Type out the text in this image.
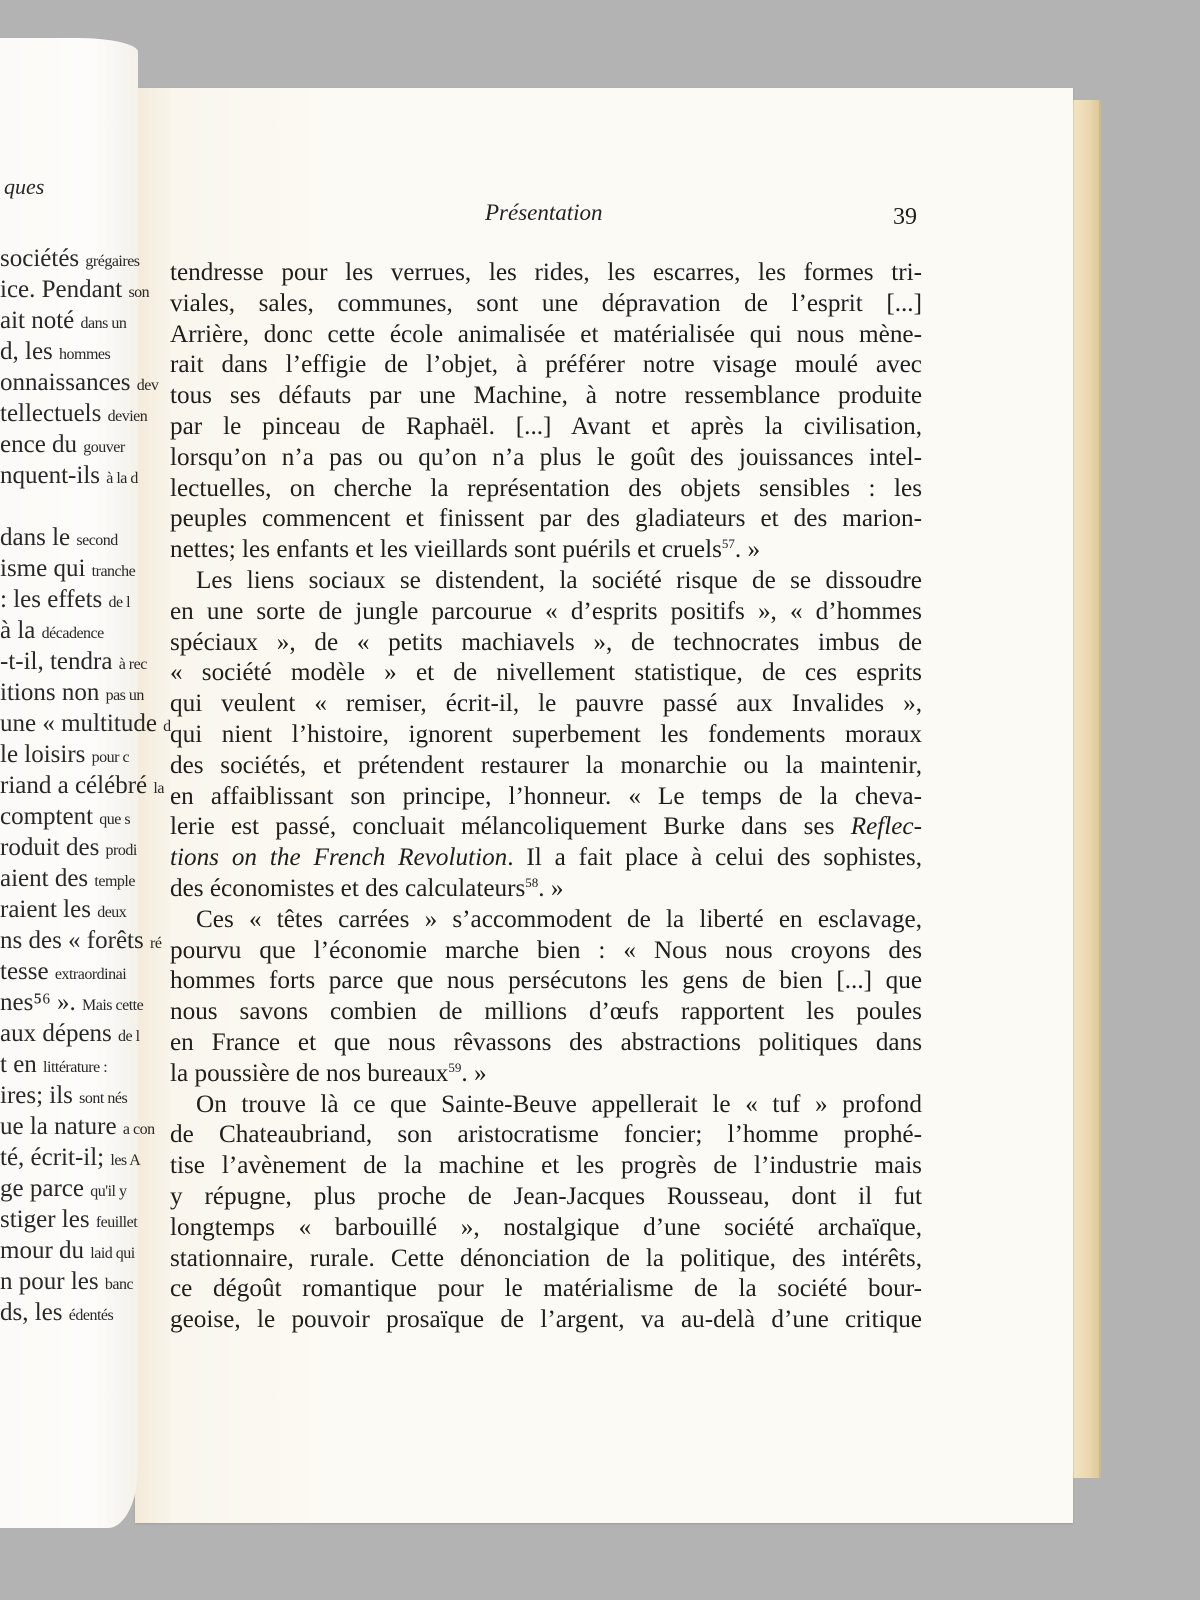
ques
sociétés grégaires
ice. Pendant son
ait noté dans un
d, les hommes
onnaissances dev
tellectuels devien
ence du gouver
nquent-ils à la d
dans le second
isme qui tranche
: les effets de l
à la décadence
-t-il, tendra à rec
itions non pas un
une « multitude d
le loisirs pour c
riand a célébré la
comptent que s
roduit des prodi
aient des temple
raient les deux
ns des « forêts ré
tesse extraordinai
nes⁵⁶ ». Mais cette
aux dépens de l
t en littérature :
ires; ils sont nés
ue la nature a con
té, écrit-il; les A
ge parce qu'il y
stiger les feuillet
mour du laid qui
n pour les banc
ds, les édentés
Présentation	39
tendresse pour les verrues, les rides, les escarres, les formes tri-
viales, sales, communes, sont une dépravation de l’esprit [...]
Arrière, donc cette école animalisée et matérialisée qui nous mène-
rait dans l’effigie de l’objet, à préférer notre visage moulé avec
tous ses défauts par une Machine, à notre ressemblance produite
par le pinceau de Raphaël. [...] Avant et après la civilisation,
lorsqu’on n’a pas ou qu’on n’a plus le goût des jouissances intel-
lectuelles, on cherche la représentation des objets sensibles : les
peuples commencent et finissent par des gladiateurs et des marion-
nettes; les enfants et les vieillards sont puérils et cruels$^{57}$. »
Les liens sociaux se distendent, la société risque de se dissoudre
en une sorte de jungle parcourue « d’esprits positifs », « d’hommes
spéciaux », de « petits machiavels », de technocrates imbus de
« société modèle » et de nivellement statistique, de ces esprits
qui veulent « remiser, écrit-il, le pauvre passé aux Invalides »,
qui nient l’histoire, ignorent superbement les fondements moraux
des sociétés, et prétendent restaurer la monarchie ou la maintenir,
en affaiblissant son principe, l’honneur. « Le temps de la cheva-
lerie est passé, concluait mélancoliquement Burke dans ses Reflec-
tions on the French Revolution. Il a fait place à celui des sophistes,
des économistes et des calculateurs$^{58}$. »
Ces « têtes carrées » s’accommodent de la liberté en esclavage,
pourvu que l’économie marche bien : « Nous nous croyons des
hommes forts parce que nous persécutons les gens de bien [...] que
nous savons combien de millions d’œufs rapportent les poules
en France et que nous rêvassons des abstractions politiques dans
la poussière de nos bureaux$^{59}$. »
On trouve là ce que Sainte-Beuve appellerait le « tuf » profond
de Chateaubriand, son aristocratisme foncier; l’homme prophé-
tise l’avènement de la machine et les progrès de l’industrie mais
y répugne, plus proche de Jean-Jacques Rousseau, dont il fut
longtemps « barbouillé », nostalgique d’une société archaïque,
stationnaire, rurale. Cette dénonciation de la politique, des intérêts,
ce dégoût romantique pour le matérialisme de la société bour-
geoise, le pouvoir prosaïque de l’argent, va au-delà d’une critique
